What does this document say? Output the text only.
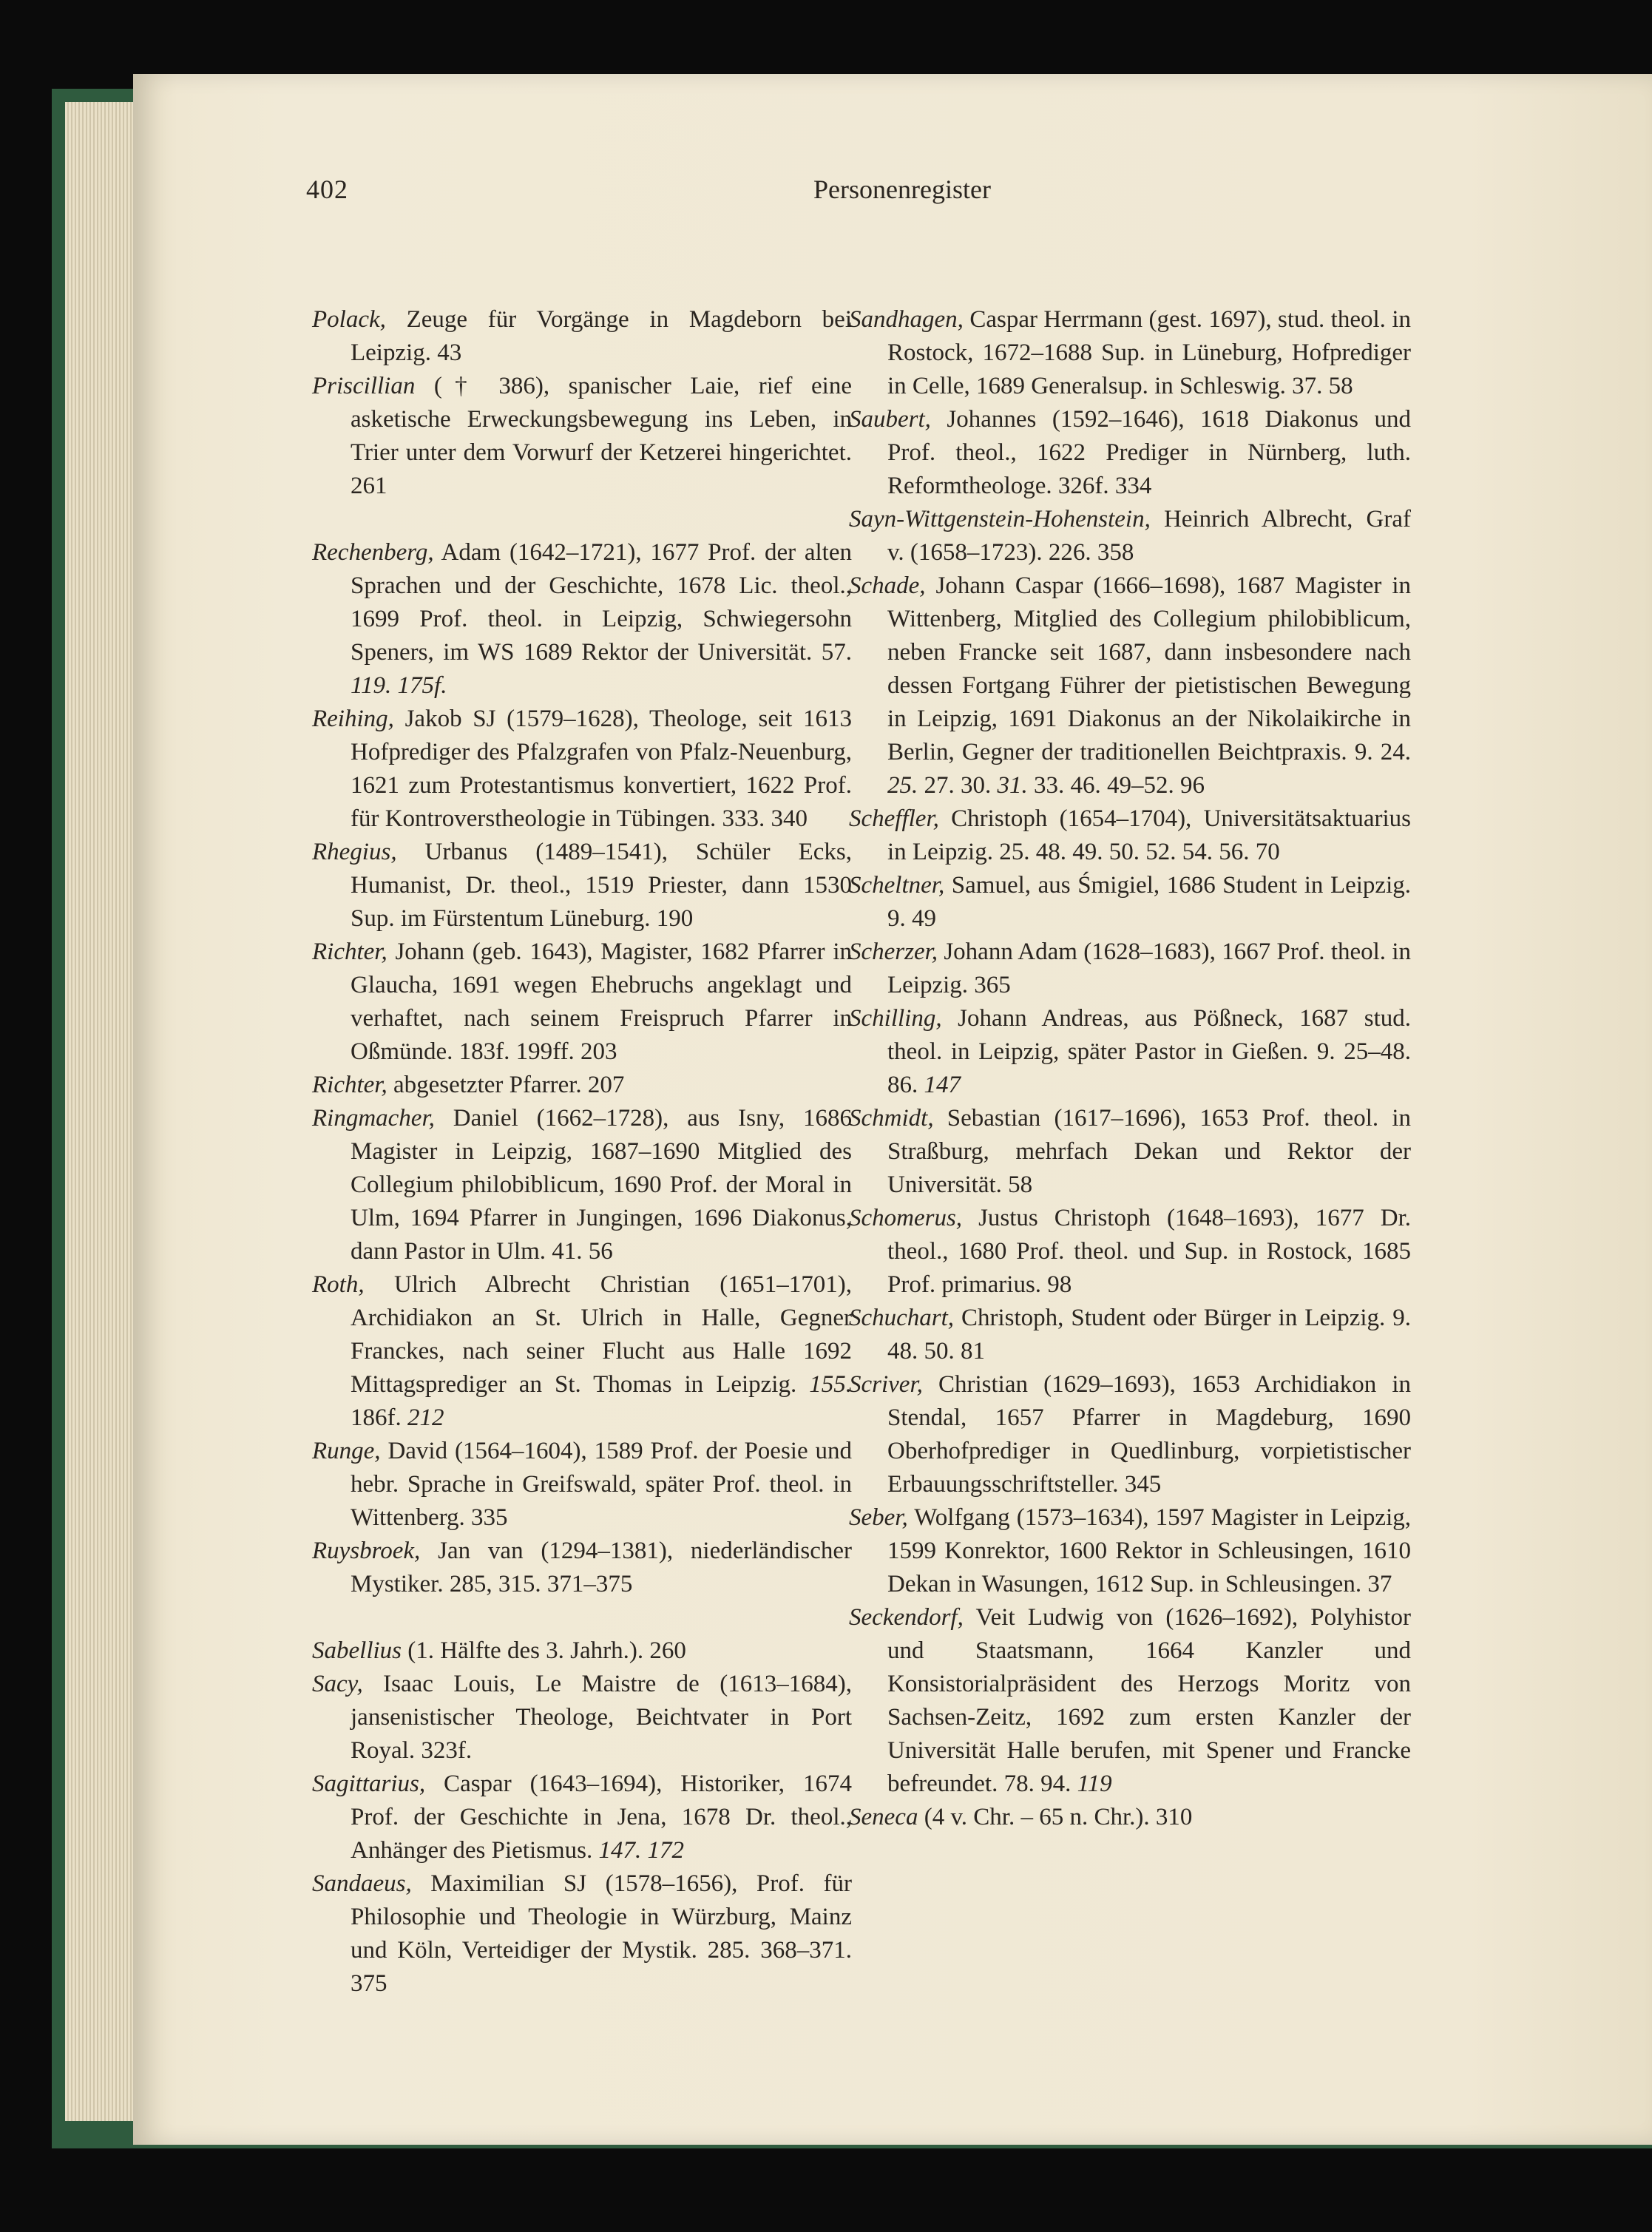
402	Personenregister

Polack, Zeuge für Vorgänge in Magdeborn bei Leipzig. 43

Priscillian († 386), spanischer Laie, rief eine asketische Erweckungsbewegung ins Leben, in Trier unter dem Vorwurf der Ketzerei hingerichtet. 261

Rechenberg, Adam (1642–1721), 1677 Prof. der alten Sprachen und der Geschichte, 1678 Lic. theol., 1699 Prof. theol. in Leipzig, Schwiegersohn Speners, im WS 1689 Rektor der Universität. 57. 119. 175f.

Reihing, Jakob SJ (1579–1628), Theologe, seit 1613 Hofprediger des Pfalzgrafen von Pfalz-Neuenburg, 1621 zum Protestantismus konvertiert, 1622 Prof. für Kontroverstheologie in Tübingen. 333. 340

Rhegius, Urbanus (1489–1541), Schüler Ecks, Humanist, Dr. theol., 1519 Priester, dann 1530 Sup. im Fürstentum Lüneburg. 190

Richter, Johann (geb. 1643), Magister, 1682 Pfarrer in Glaucha, 1691 wegen Ehebruchs angeklagt und verhaftet, nach seinem Freispruch Pfarrer in Oßmünde. 183f. 199ff. 203

Richter, abgesetzter Pfarrer. 207

Ringmacher, Daniel (1662–1728), aus Isny, 1686 Magister in Leipzig, 1687–1690 Mitglied des Collegium philobiblicum, 1690 Prof. der Moral in Ulm, 1694 Pfarrer in Jungingen, 1696 Diakonus, dann Pastor in Ulm. 41. 56

Roth, Ulrich Albrecht Christian (1651–1701), Archidiakon an St. Ulrich in Halle, Gegner Franckes, nach seiner Flucht aus Halle 1692 Mittagsprediger an St. Thomas in Leipzig. 155. 186f. 212

Runge, David (1564–1604), 1589 Prof. der Poesie und hebr. Sprache in Greifswald, später Prof. theol. in Wittenberg. 335

Ruysbroek, Jan van (1294–1381), niederländischer Mystiker. 285, 315. 371–375

Sabellius (1. Hälfte des 3. Jahrh.). 260

Sacy, Isaac Louis, Le Maistre de (1613–1684), jansenistischer Theologe, Beichtvater in Port Royal. 323f.

Sagittarius, Caspar (1643–1694), Historiker, 1674 Prof. der Geschichte in Jena, 1678 Dr. theol., Anhänger des Pietismus. 147. 172

Sandaeus, Maximilian SJ (1578–1656), Prof. für Philosophie und Theologie in Würzburg, Mainz und Köln, Verteidiger der Mystik. 285. 368–371. 375

Sandhagen, Caspar Herrmann (gest. 1697), stud. theol. in Rostock, 1672–1688 Sup. in Lüneburg, Hofprediger in Celle, 1689 Generalsup. in Schleswig. 37. 58

Saubert, Johannes (1592–1646), 1618 Diakonus und Prof. theol., 1622 Prediger in Nürnberg, luth. Reformtheologe. 326f. 334

Sayn-Wittgenstein-Hohenstein, Heinrich Albrecht, Graf v. (1658–1723). 226. 358

Schade, Johann Caspar (1666–1698), 1687 Magister in Wittenberg, Mitglied des Collegium philobiblicum, neben Francke seit 1687, dann insbesondere nach dessen Fortgang Führer der pietistischen Bewegung in Leipzig, 1691 Diakonus an der Nikolaikirche in Berlin, Gegner der traditionellen Beichtpraxis. 9. 24. 25. 27. 30. 31. 33. 46. 49–52. 96

Scheffler, Christoph (1654–1704), Universitätsaktuarius in Leipzig. 25. 48. 49. 50. 52. 54. 56. 70

Scheltner, Samuel, aus Śmigiel, 1686 Student in Leipzig. 9. 49

Scherzer, Johann Adam (1628–1683), 1667 Prof. theol. in Leipzig. 365

Schilling, Johann Andreas, aus Pößneck, 1687 stud. theol. in Leipzig, später Pastor in Gießen. 9. 25–48. 86. 147

Schmidt, Sebastian (1617–1696), 1653 Prof. theol. in Straßburg, mehrfach Dekan und Rektor der Universität. 58

Schomerus, Justus Christoph (1648–1693), 1677 Dr. theol., 1680 Prof. theol. und Sup. in Rostock, 1685 Prof. primarius. 98

Schuchart, Christoph, Student oder Bürger in Leipzig. 9. 48. 50. 81

Scriver, Christian (1629–1693), 1653 Archidiakon in Stendal, 1657 Pfarrer in Magdeburg, 1690 Oberhofprediger in Quedlinburg, vorpietistischer Erbauungsschriftsteller. 345

Seber, Wolfgang (1573–1634), 1597 Magister in Leipzig, 1599 Konrektor, 1600 Rektor in Schleusingen, 1610 Dekan in Wasungen, 1612 Sup. in Schleusingen. 37

Seckendorf, Veit Ludwig von (1626–1692), Polyhistor und Staatsmann, 1664 Kanzler und Konsistorialpräsident des Herzogs Moritz von Sachsen-Zeitz, 1692 zum ersten Kanzler der Universität Halle berufen, mit Spener und Francke befreundet. 78. 94. 119

Seneca (4 v. Chr. – 65 n. Chr.). 310
